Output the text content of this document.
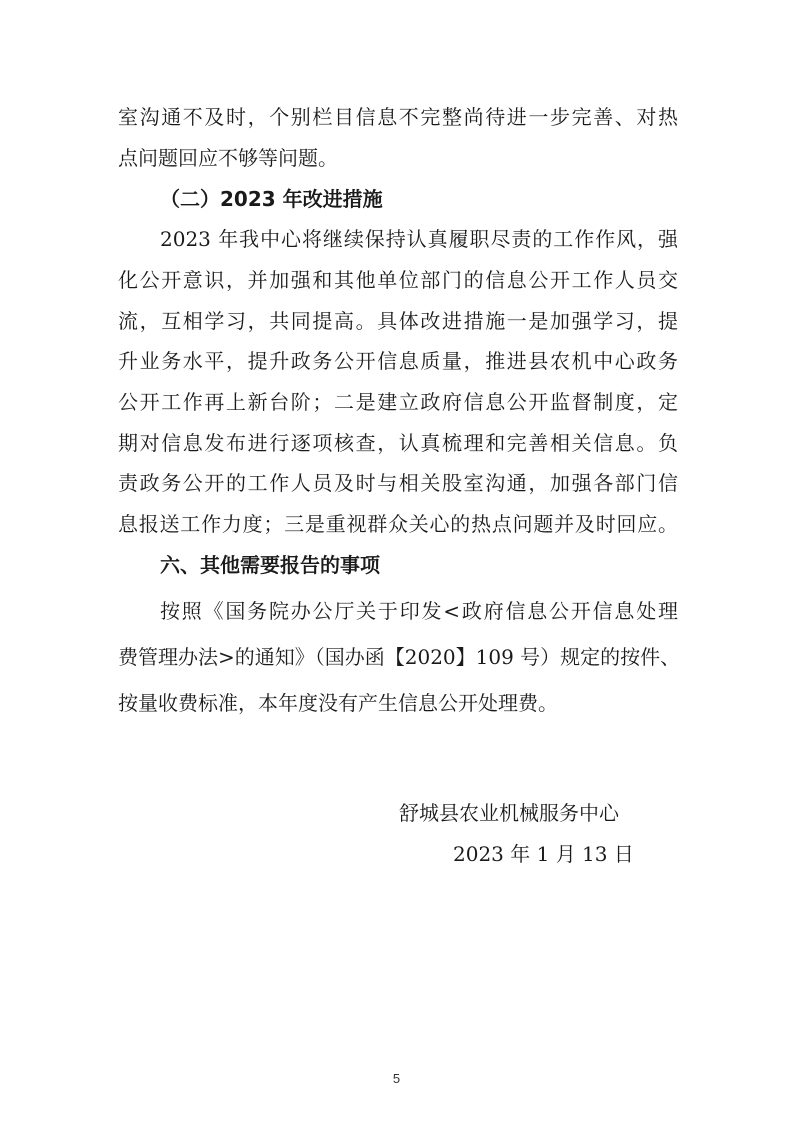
室沟通不及时，个别栏目信息不完整尚待进一步完善、对热
点问题回应不够等问题。
（二）2023 年改进措施
2023 年我中心将继续保持认真履职尽责的工作作风，强
化公开意识，并加强和其他单位部门的信息公开工作人员交
流，互相学习，共同提高。具体改进措施一是加强学习，提
升业务水平，提升政务公开信息质量，推进县农机中心政务
公开工作再上新台阶；二是建立政府信息公开监督制度，定
期对信息发布进行逐项核查，认真梳理和完善相关信息。负
责政务公开的工作人员及时与相关股室沟通，加强各部门信
息报送工作力度；三是重视群众关心的热点问题并及时回应。
六、其他需要报告的事项
按照《国务院办公厅关于印发<政府信息公开信息处理
费管理办法>的通知》（国办函【2020】109 号）规定的按件、
按量收费标准，本年度没有产生信息公开处理费。
舒城县农业机械服务中心
2023 年 1 月 13 日
5
